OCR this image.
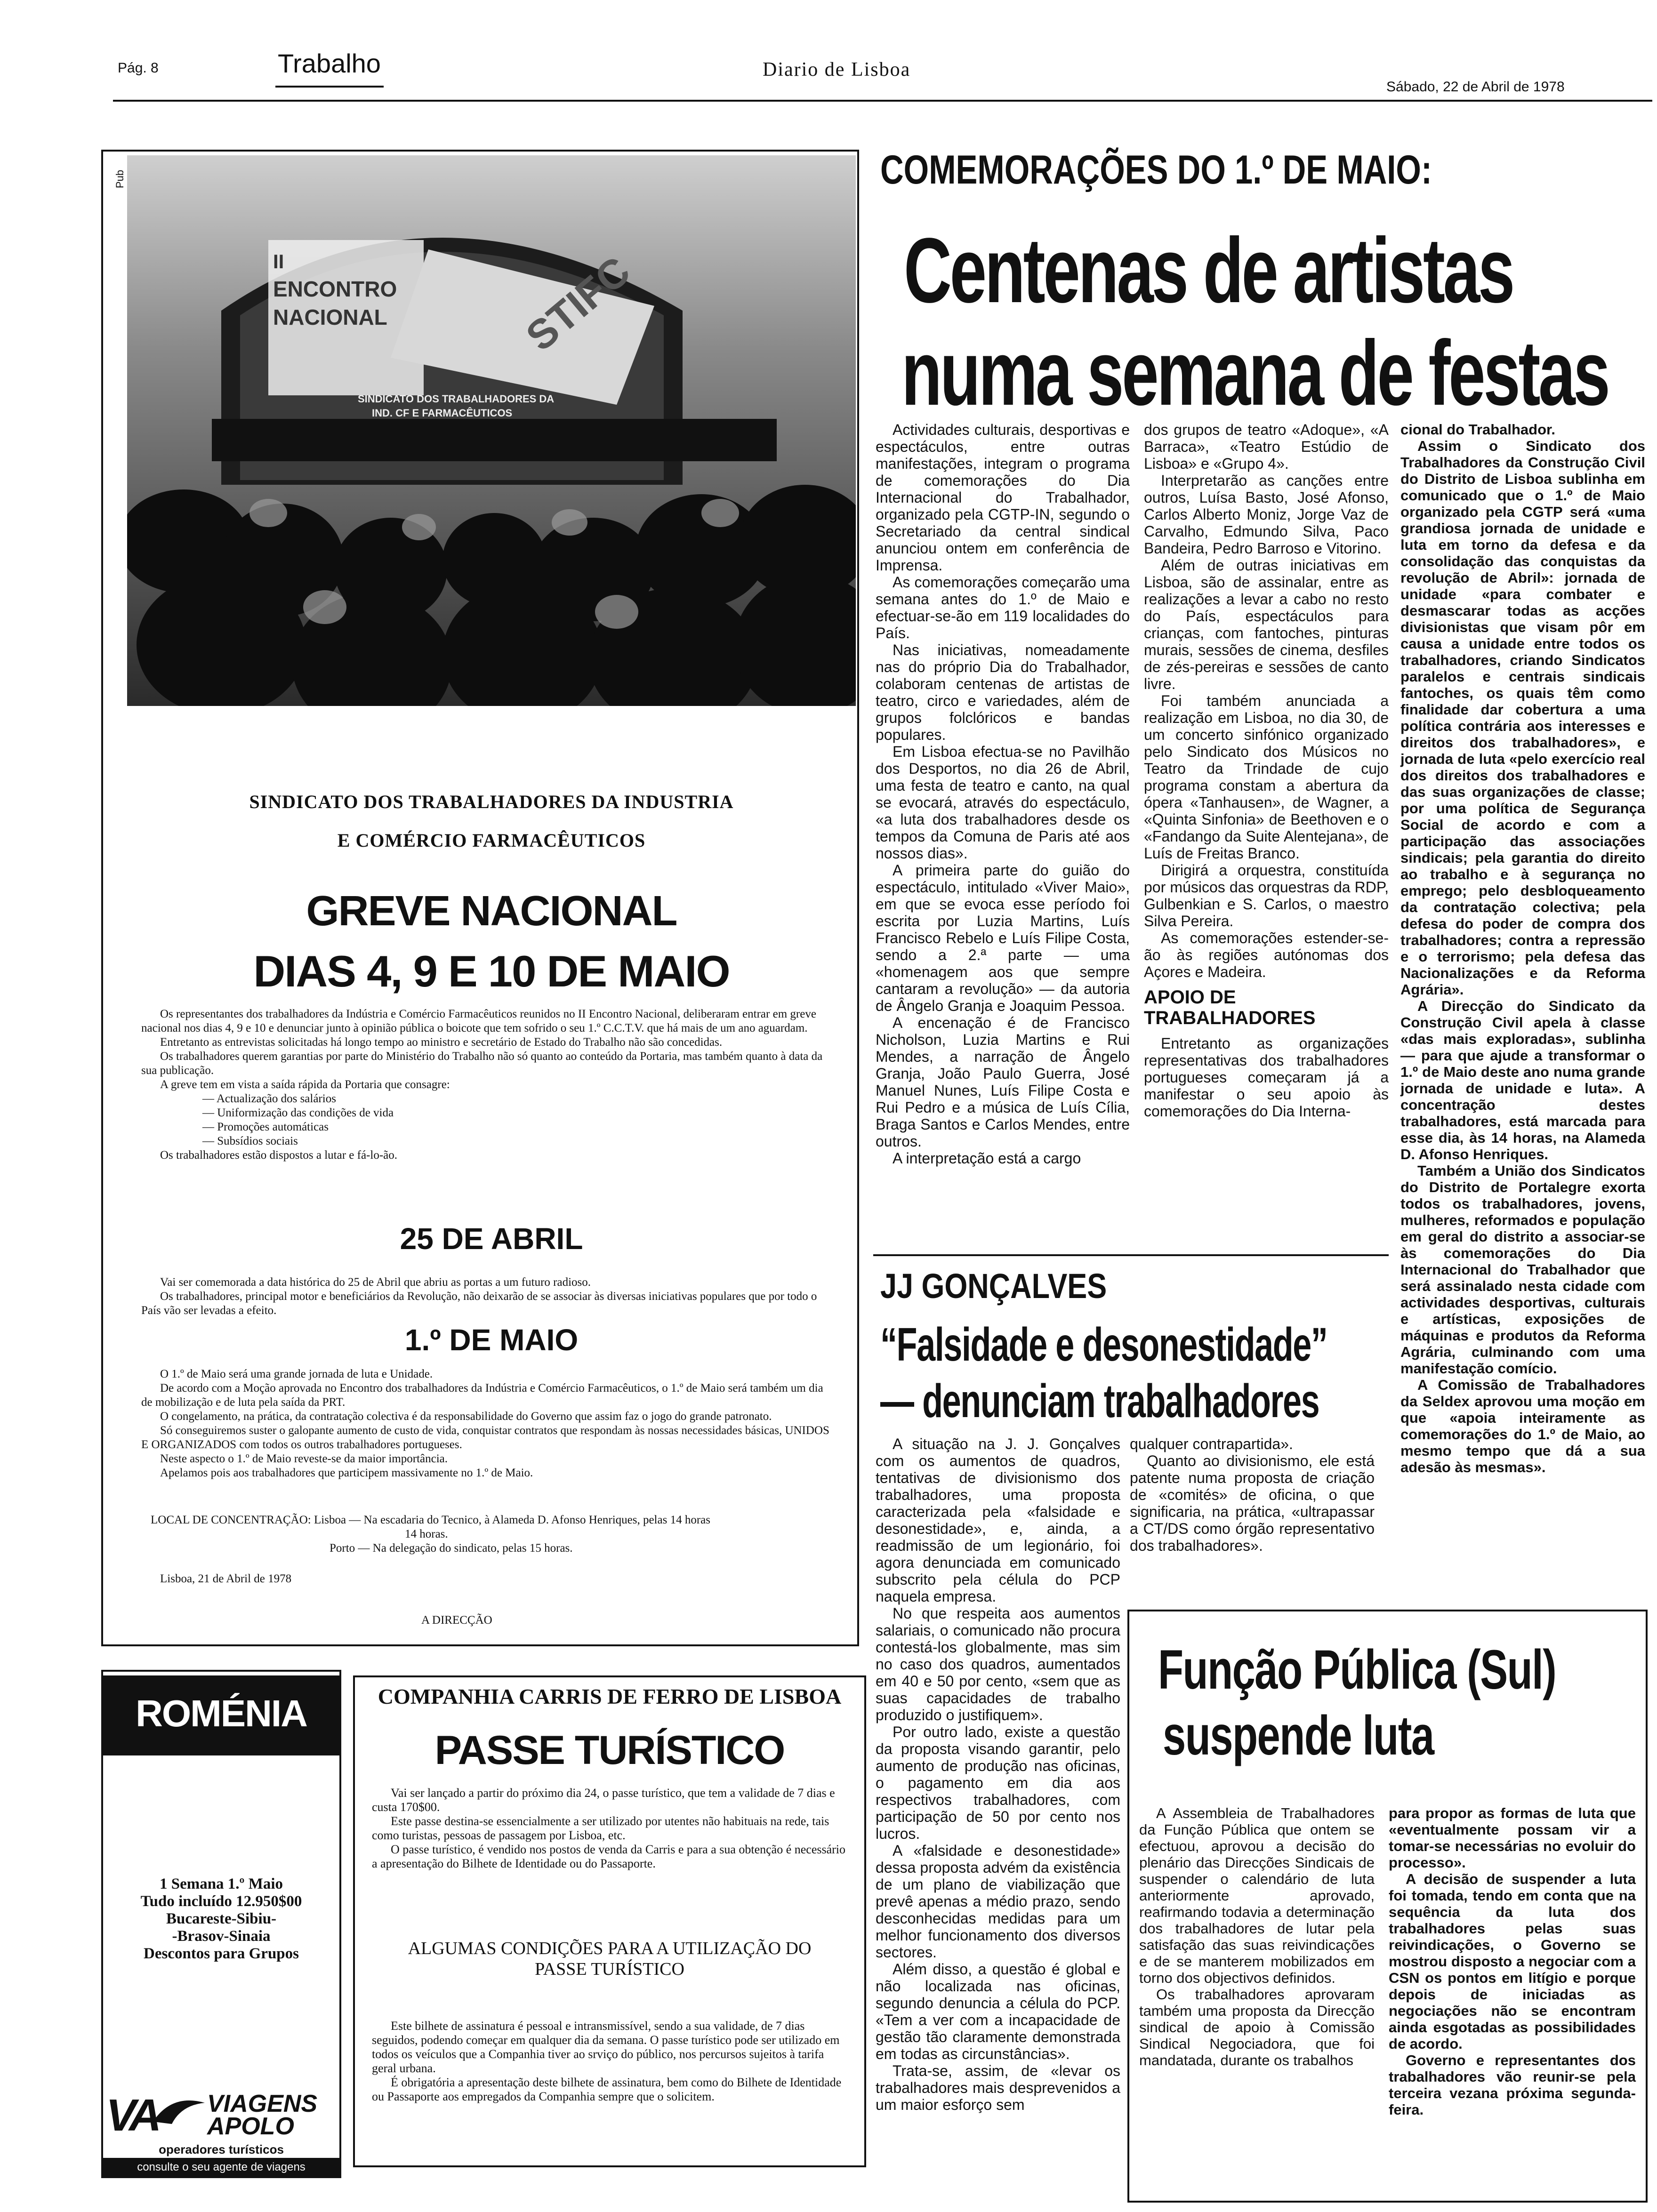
Pág. 8	Trabalho	Diario de Lisboa
Sábado, 22 de Abril de 1978
Pub
II
ENCONTRO
NACIONAL	STIFC
SINDICATO DOS TRABALHADORES DA
IND. CF E FARMACÊUTICOS
SINDICATO DOS TRABALHADORES DA INDUSTRIA
E COMÉRCIO FARMACÊUTICOS
GREVE NACIONAL
DIAS 4, 9 E 10 DE MAIO

Os representantes dos trabalhadores da Indústria e Comércio Farmacêuticos reunidos no II Encontro Nacional, deliberaram entrar em greve nacional nos dias 4, 9 e 10 e denunciar junto à opinião pública o boicote que tem sofrido o seu 1.º C.C.T.V. que há mais de um ano aguardam.

Entretanto as entrevistas solicitadas há longo tempo ao ministro e secretário de Estado do Trabalho não são concedidas.

Os trabalhadores querem garantias por parte do Ministério do Trabalho não só quanto ao conteúdo da Portaria, mas também quanto à data da sua publicação.

A greve tem em vista a saída rápida da Portaria que consagre:

— Actualização dos salários

— Uniformização das condições de vida

— Promoções automáticas

— Subsídios sociais

Os trabalhadores estão dispostos a lutar e fá-lo-ão.

25 DE ABRIL

Vai ser comemorada a data histórica do 25 de Abril que abriu as portas a um futuro radioso.

Os trabalhadores, principal motor e beneficiários da Revolução, não deixarão de se associar às diversas iniciativas populares que por todo o País vão ser levadas a efeito.

1.º DE MAIO

O 1.º de Maio será uma grande jornada de luta e Unidade.

De acordo com a Moção aprovada no Encontro dos trabalhadores da Indústria e Comércio Farmacêuticos, o 1.º de Maio será também um dia de mobilização e de luta pela saída da PRT.

O congelamento, na prática, da contratação colectiva é da responsabilidade do Governo que assim faz o jogo do grande patronato.

Só conseguiremos suster o galopante aumento de custo de vida, conquistar contratos que respondam às nossas necessidades básicas, UNIDOS E ORGANIZADOS com todos os outros trabalhadores portugueses.

Neste aspecto o 1.º de Maio reveste-se da maior importância.

Apelamos pois aos trabalhadores que participem massivamente no 1.º de Maio.

LOCAL DE CONCENTRAÇÃO: Lisboa — Na escadaria do Tecnico, à Alameda D. Afonso Henriques, pelas 14 horas

14 horas.

Porto — Na delegação do sindicato, pelas 15 horas.

Lisboa, 21 de Abril de 1978
A DIRECÇÃO
ROMÉNIA
1 Semana 1.º Maio
Tudo incluído 12.950$00
Bucareste-Sibiu-
-Brasov-Sinaia
Descontos para Grupos
VA VIAGENS
APOLO
operadores turísticos
consulte o seu agente de viagens
COMPANHIA CARRIS DE FERRO DE LISBOA
PASSE TURÍSTICO

Vai ser lançado a partir do próximo dia 24, o passe turístico, que tem a validade de 7 dias e custa 170$00.

Este passe destina-se essencialmente a ser utilizado por utentes não habituais na rede, tais como turistas, pessoas de passagem por Lisboa, etc.

O passe turístico, é vendido nos postos de venda da Carris e para a sua obtenção é necessário a apresentação do Bilhete de Identidade ou do Passaporte.

ALGUMAS CONDIÇÕES PARA A UTILIZAÇÃO DO PASSE TURÍSTICO

Este bilhete de assinatura é pessoal e intransmissível, sendo a sua validade, de 7 dias seguidos, podendo começar em qualquer dia da semana. O passe turístico pode ser utilizado em todos os veículos que a Companhia tiver ao srviço do público, nos percursos sujeitos à tarifa geral urbana.

É obrigatória a apresentação deste bilhete de assinatura, bem como do Bilhete de Identidade ou Passaporte aos empregados da Companhia sempre que o solicitem.

COMEMORAÇÕES DO 1.º DE MAIO:
Centenas de artistas
numa semana de festas

Actividades culturais, desportivas e espectáculos, entre outras manifestações, integram o programa de comemorações do Dia Internacional do Trabalhador, organizado pela CGTP-IN, segundo o Secretariado da central sindical anunciou ontem em conferência de Imprensa.

As comemorações começarão uma semana antes do 1.º de Maio e efectuar-se-ão em 119 localidades do País.

Nas iniciativas, nomeadamente nas do próprio Dia do Trabalhador, colaboram centenas de artistas de teatro, circo e variedades, além de grupos folclóricos e bandas populares.

Em Lisboa efectua-se no Pavilhão dos Desportos, no dia 26 de Abril, uma festa de teatro e canto, na qual se evocará, através do espectáculo, «a luta dos trabalhadores desde os tempos da Comuna de Paris até aos nossos dias».

A primeira parte do guião do espectáculo, intitulado «Viver Maio», em que se evoca esse período foi escrita por Luzia Martins, Luís Francisco Rebelo e Luís Filipe Costa, sendo a 2.ª parte — uma «homenagem aos que sempre cantaram a revolução» — da autoria de Ângelo Granja e Joaquim Pessoa.

A encenação é de Francisco Nicholson, Luzia Martins e Rui Mendes, a narração de Ângelo Granja, João Paulo Guerra, José Manuel Nunes, Luís Filipe Costa e Rui Pedro e a música de Luís Cília, Braga Santos e Carlos Mendes, entre outros.

A interpretação está a cargo

dos grupos de teatro «Adoque», «A Barraca», «Teatro Estúdio de Lisboa» e «Grupo 4».

Interpretarão as canções entre outros, Luísa Basto, José Afonso, Carlos Alberto Moniz, Jorge Vaz de Carvalho, Edmundo Silva, Paco Bandeira, Pedro Barroso e Vitorino.

Além de outras iniciativas em Lisboa, são de assinalar, entre as realizações a levar a cabo no resto do País, espectáculos para crianças, com fantoches, pinturas murais, sessões de cinema, desfiles de zés-pereiras e sessões de canto livre.

Foi também anunciada a realização em Lisboa, no dia 30, de um concerto sinfónico organizado pelo Sindicato dos Músicos no Teatro da Trindade de cujo programa constam a abertura da ópera «Tanhausen», de Wagner, a «Quinta Sinfonia» de Beethoven e o «Fandango da Suite Alentejana», de Luís de Freitas Branco.

Dirigirá a orquestra, constituída por músicos das orquestras da RDP, Gulbenkian e S. Carlos, o maestro Silva Pereira.

As comemorações estender-se-ão às regiões autónomas dos Açores e Madeira.

APOIO DE TRABALHADORES

Entretanto as organizações representativas dos trabalhadores portugueses começaram já a manifestar o seu apoio às comemorações do Dia Interna-

cional do Trabalhador.

Assim o Sindicato dos Trabalhadores da Construção Civil do Distrito de Lisboa sublinha em comunicado que o 1.º de Maio organizado pela CGTP será «uma grandiosa jornada de unidade e luta em torno da defesa e da consolidação das conquistas da revolução de Abril»: jornada de unidade «para combater e desmascarar todas as acções divisionistas que visam pôr em causa a unidade entre todos os trabalhadores, criando Sindicatos paralelos e centrais sindicais fantoches, os quais têm como finalidade dar cobertura a uma política contrária aos interesses e direitos dos trabalhadores», e jornada de luta «pelo exercício real dos direitos dos trabalhadores e das suas organizações de classe; por uma política de Segurança Social de acordo e com a participação das associações sindicais; pela garantia do direito ao trabalho e à segurança no emprego; pelo desbloqueamento da contratação colectiva; pela defesa do poder de compra dos trabalhadores; contra a repressão e o terrorismo; pela defesa das Nacionalizações e da Reforma Agrária».

A Direcção do Sindicato da Construção Civil apela à classe «das mais exploradas», sublinha — para que ajude a transformar o 1.º de Maio deste ano numa grande jornada de unidade e luta». A concentração destes trabalhadores, está marcada para esse dia, às 14 horas, na Alameda D. Afonso Henriques.

Também a União dos Sindicatos do Distrito de Portalegre exorta todos os trabalhadores, jovens, mulheres, reformados e população em geral do distrito a associar-se às comemorações do Dia Internacional do Trabalhador que será assinalado nesta cidade com actividades desportivas, culturais e artísticas, exposições de máquinas e produtos da Reforma Agrária, culminando com uma manifestação comício.

A Comissão de Trabalhadores da Seldex aprovou uma moção em que «apoia inteiramente as comemorações do 1.º de Maio, ao mesmo tempo que dá a sua adesão às mesmas».

JJ GONÇALVES
“Falsidade e desonestidade”
— denunciam trabalhadores

A situação na J. J. Gonçalves com os aumentos de quadros, tentativas de divisionismo dos trabalhadores, uma proposta caracterizada pela «falsidade e desonestidade», e, ainda, a readmissão de um legionário, foi agora denunciada em comunicado subscrito pela célula do PCP naquela empresa.

No que respeita aos aumentos salariais, o comunicado não procura contestá-los globalmente, mas sim no caso dos quadros, aumentados em 40 e 50 por cento, «sem que as suas capacidades de trabalho produzido o justifiquem».

Por outro lado, existe a questão da proposta visando garantir, pelo aumento de produção nas oficinas, o pagamento em dia aos respectivos trabalhadores, com participação de 50 por cento nos lucros.

A «falsidade e desonestidade» dessa proposta advém da existência de um plano de viabilização que prevê apenas a médio prazo, sendo desconhecidas medidas para um melhor funcionamento dos diversos sectores.

Além disso, a questão é global e não localizada nas oficinas, segundo denuncia a célula do PCP. «Tem a ver com a incapacidade de gestão tão claramente demonstrada em todas as circunstâncias».

Trata-se, assim, de «levar os trabalhadores mais desprevenidos a um maior esforço sem

qualquer contrapartida».

Quanto ao divisionismo, ele está patente numa proposta de criação de «comités» de oficina, o que significaria, na prática, «ultrapassar a CT/DS como órgão representativo dos trabalhadores».

Função Pública (Sul)
suspende luta

A Assembleia de Trabalhadores da Função Pública que ontem se efectuou, aprovou a decisão do plenário das Direcções Sindicais de suspender o calendário de luta anteriormente aprovado, reafirmando todavia a determinação dos trabalhadores de lutar pela satisfação das suas reivindicações e de se manterem mobilizados em torno dos objectivos definidos.

Os trabalhadores aprovaram também uma proposta da Direcção sindical de apoio à Comissão Sindical Negociadora, que foi mandatada, durante os trabalhos

para propor as formas de luta que «eventualmente possam vir a tomar-se necessárias no evoluir do processo».

A decisão de suspender a luta foi tomada, tendo em conta que na sequência da luta dos trabalhadores pelas suas reivindicações, o Governo se mostrou disposto a negociar com a CSN os pontos em litígio e porque depois de iniciadas as negociações não se encontram ainda esgotadas as possibilidades de acordo.

Governo e representantes dos trabalhadores vão reunir-se pela terceira vezana próxima segunda-feira.
